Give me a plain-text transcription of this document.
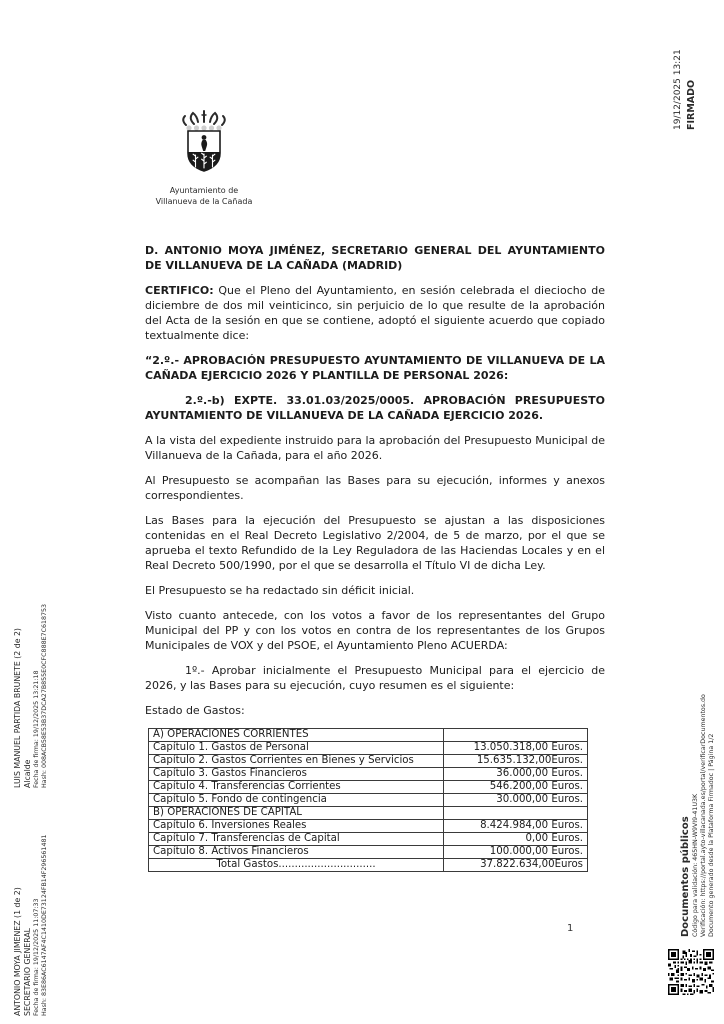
19/12/2025 13:21 FIRMADO
LUIS MANUEL PARTIDA BRUNETE (2 de 2) Alcalde Fecha de firma: 19/12/2025 13:21:18 Hash: 008ACB58E53B37DCA27B855E0CFC888E7C618753
ANTONIO MOYA JIMENEZ (1 de 2) SECRETARIO GENERAL Fecha de firma: 19/12/2025 11:07:33 Hash: 83E86AC6147AF4C1410DE73124FB14F296561481
Ayuntamiento de
Villanueva de la Cañada

D. ANTONIO MOYA JIMÉNEZ, SECRETARIO GENERAL DEL AYUNTAMIENTO DE VILLANUEVA DE LA CAÑADA (MADRID)

CERTIFICO: Que el Pleno del Ayuntamiento, en sesión celebrada el dieciocho de diciembre de dos mil veinticinco, sin perjuicio de lo que resulte de la aprobación del Acta de la sesión en que se contiene, adoptó el siguiente acuerdo que copiado textualmente dice:

“2.º.- APROBACIÓN PRESUPUESTO AYUNTAMIENTO DE VILLANUEVA DE LA CAÑADA EJERCICIO 2026 Y PLANTILLA DE PERSONAL 2026:

2.º.-b) EXPTE. 33.01.03/2025/0005. APROBACIÓN PRESUPUESTO AYUNTAMIENTO DE VILLANUEVA DE LA CAÑADA EJERCICIO 2026.

A la vista del expediente instruido para la aprobación del Presupuesto Municipal de Villanueva de la Cañada, para el año 2026.

Al Presupuesto se acompañan las Bases para su ejecución, informes y anexos correspondientes.

Las Bases para la ejecución del Presupuesto se ajustan a las disposiciones contenidas en el Real Decreto Legislativo 2/2004, de 5 de marzo, por el que se aprueba el texto Refundido de la Ley Reguladora de las Haciendas Locales y en el Real Decreto 500/1990, por el que se desarrolla el Título VI de dicha Ley.

El Presupuesto se ha redactado sin déficit inicial.

Visto cuanto antecede, con los votos a favor de los representantes del Grupo Municipal del PP y con los votos en contra de los representantes de los Grupos Municipales de VOX y del PSOE, el Ayuntamiento Pleno ACUERDA:

1º.- Aprobar inicialmente el Presupuesto Municipal para el ejercicio de 2026, y las Bases para su ejecución, cuyo resumen es el siguiente:

Estado de Gastos:

A) OPERACIONES CORRIENTES	
Capítulo 1. Gastos de Personal	13.050.318,00 Euros.
Capítulo 2. Gastos Corrientes en Bienes y Servicios	15.635.132,00Euros.
Capítulo 3. Gastos Financieros	36.000,00 Euros.
Capítulo 4. Transferencias Corrientes	546.200,00 Euros.
Capítulo 5. Fondo de contingencia	30.000,00 Euros.
B) OPERACIONES DE CAPITAL	
Capítulo 6. Inversiones Reales	8.424.984,00 Euros.
Capítulo 7. Transferencias de Capital	0,00 Euros.
Capítulo 8. Activos Financieros	100.000,00 Euros.
Total Gastos..............................	37.822.634,00Euros
1	Documentos públicos Código para validación: 465HN-W9VI9-41U3K Verificación: https://portal.ayto-villacanada.es/portal/verificarDocumentos.do Documento generado desde la Plataforma Firmadoc | Página 1/2
